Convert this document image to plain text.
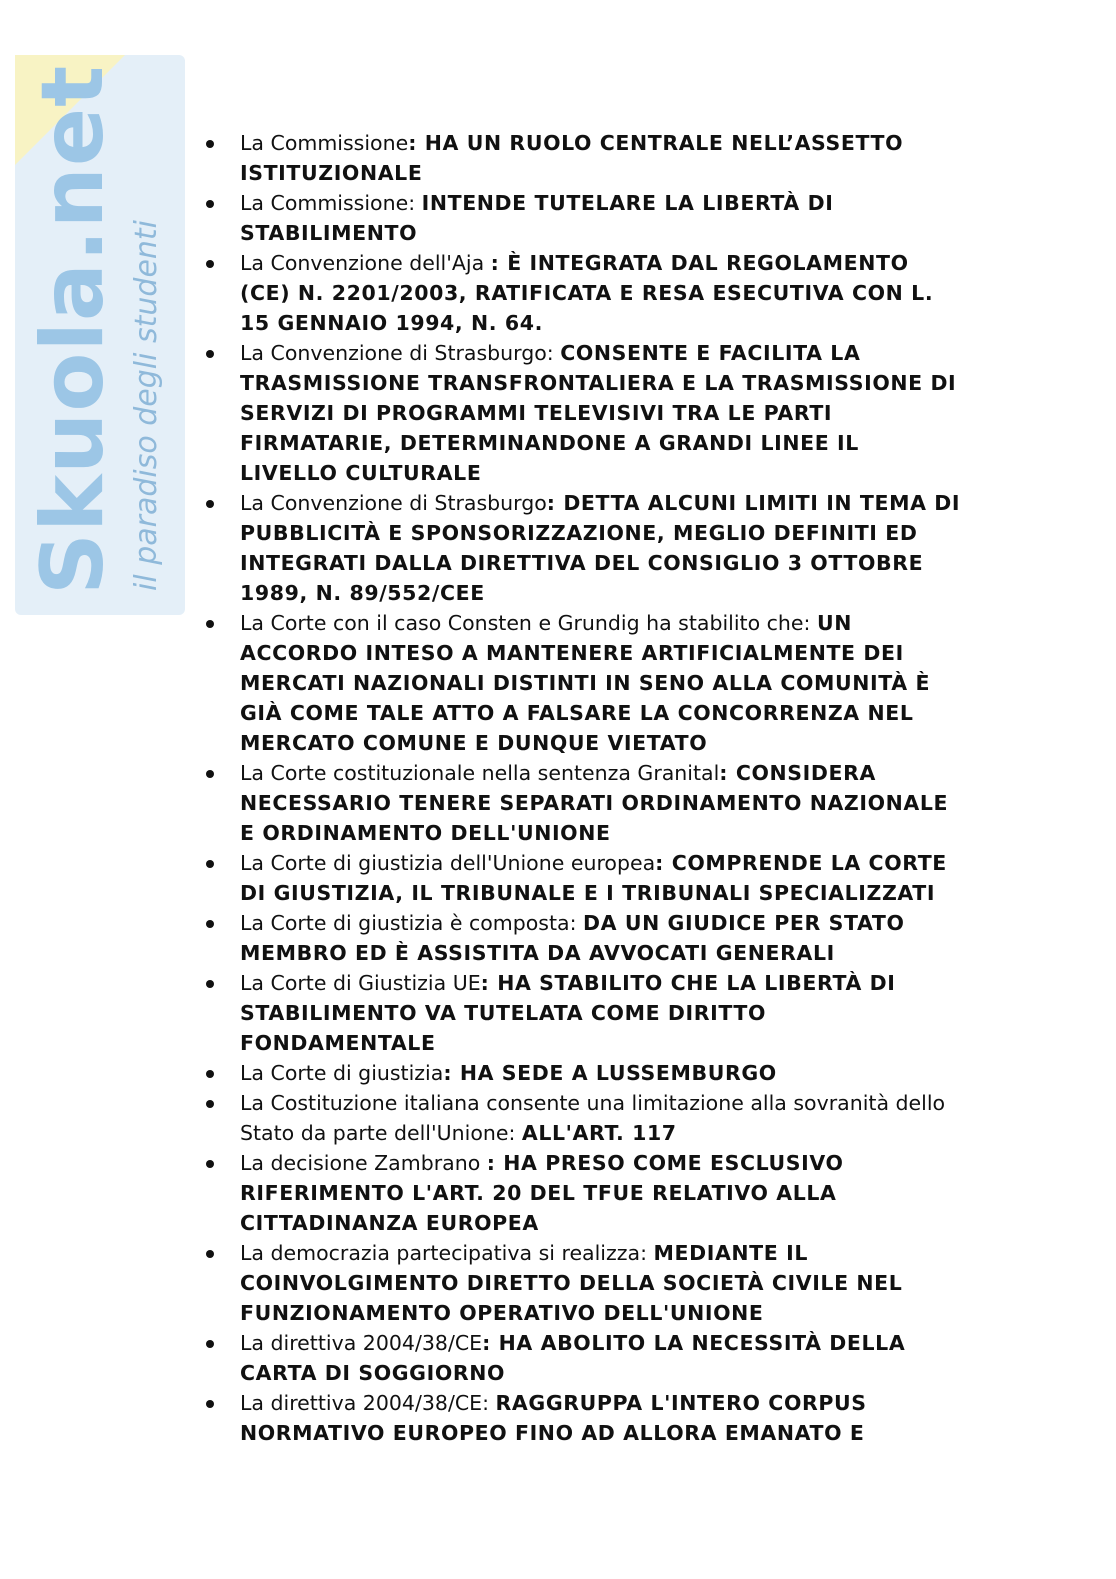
Skuola.net il paradiso degli studenti
La Commissione: HA UN RUOLO CENTRALE NELL’ASSETTO ISTITUZIONALE
La Commissione: INTENDE TUTELARE LA LIBERTÀ DI STABILIMENTO
La Convenzione dell'Aja : È INTEGRATA DAL REGOLAMENTO (CE) N. 2201/2003, RATIFICATA E RESA ESECUTIVA CON L. 15 GENNAIO 1994, N. 64.
La Convenzione di Strasburgo: CONSENTE E FACILITA LA TRASMISSIONE TRANSFRONTALIERA E LA TRASMISSIONE DI SERVIZI DI PROGRAMMI TELEVISIVI TRA LE PARTI FIRMATARIE, DETERMINANDONE A GRANDI LINEE IL LIVELLO CULTURALE
La Convenzione di Strasburgo: DETTA ALCUNI LIMITI IN TEMA DI PUBBLICITÀ E SPONSORIZZAZIONE, MEGLIO DEFINITI ED INTEGRATI DALLA DIRETTIVA DEL CONSIGLIO 3 OTTOBRE 1989, N. 89/552/CEE
La Corte con il caso Consten e Grundig ha stabilito che: UN ACCORDO INTESO A MANTENERE ARTIFICIALMENTE DEI MERCATI NAZIONALI DISTINTI IN SENO ALLA COMUNITÀ È GIÀ COME TALE ATTO A FALSARE LA CONCORRENZA NEL MERCATO COMUNE E DUNQUE VIETATO
La Corte costituzionale nella sentenza Granital: CONSIDERA NECESSARIO TENERE SEPARATI ORDINAMENTO NAZIONALE E ORDINAMENTO DELL'UNIONE
La Corte di giustizia dell'Unione europea: COMPRENDE LA CORTE DI GIUSTIZIA, IL TRIBUNALE E I TRIBUNALI SPECIALIZZATI
La Corte di giustizia è composta: DA UN GIUDICE PER STATO MEMBRO ED È ASSISTITA DA AVVOCATI GENERALI
La Corte di Giustizia UE: HA STABILITO CHE LA LIBERTÀ DI STABILIMENTO VA TUTELATA COME DIRITTO FONDAMENTALE
La Corte di giustizia: HA SEDE A LUSSEMBURGO
La Costituzione italiana consente una limitazione alla sovranità dello Stato da parte dell'Unione: ALL'ART. 117
La decisione Zambrano : HA PRESO COME ESCLUSIVO RIFERIMENTO L'ART. 20 DEL TFUE RELATIVO ALLA CITTADINANZA EUROPEA
La democrazia partecipativa si realizza: MEDIANTE IL COINVOLGIMENTO DIRETTO DELLA SOCIETÀ CIVILE NEL FUNZIONAMENTO OPERATIVO DELL'UNIONE
La direttiva 2004/38/CE: HA ABOLITO LA NECESSITÀ DELLA CARTA DI SOGGIORNO
La direttiva 2004/38/CE: RAGGRUPPA L'INTERO CORPUS NORMATIVO EUROPEO FINO AD ALLORA EMANATO E
